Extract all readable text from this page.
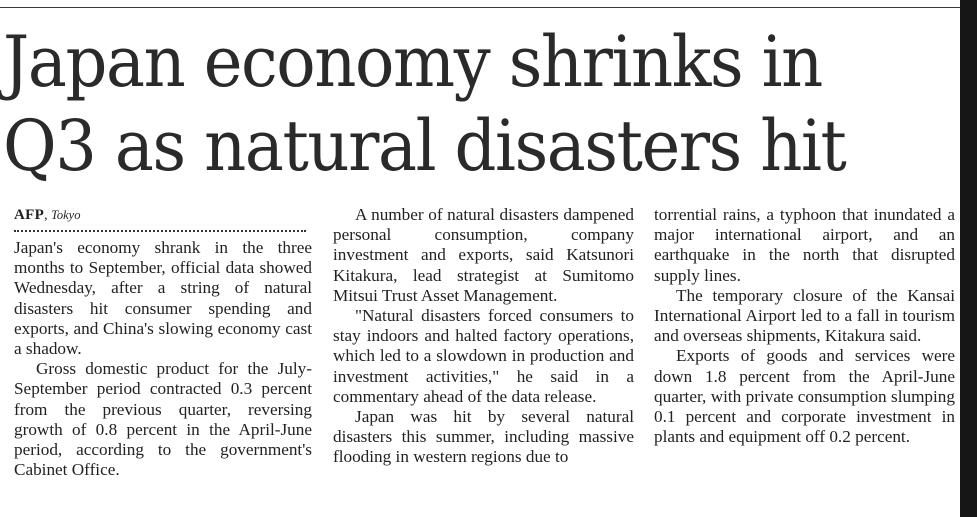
Japan economy shrinks in
Q3 as natural disasters hit
AFP, Tokyo

Japan's economy shrank in the three months to September, official data showed Wednesday, after a string of natural disasters hit consumer spending and exports, and China's slowing economy cast a shadow.

Gross domestic product for the July-September period contracted 0.3 percent from the previous quarter, reversing growth of 0.8 percent in the April-June period, according to the government's Cabinet Office.

A number of natural disasters dampened personal consumption, company investment and exports, said Katsunori Kitakura, lead strategist at Sumitomo Mitsui Trust Asset Management.

"Natural disasters forced consumers to stay indoors and halted factory operations, which led to a slowdown in production and investment activities," he said in a commentary ahead of the data release.

Japan was hit by several natural disasters this summer, including massive flooding in western regions due to

torrential rains, a typhoon that inundated a major international airport, and an earthquake in the north that disrupted supply lines.

The temporary closure of the Kansai International Airport led to a fall in tourism and overseas shipments, Kitakura said.

Exports of goods and services were down 1.8 percent from the April-June quarter, with private consumption slumping 0.1 percent and corporate investment in plants and equipment off 0.2 percent.
